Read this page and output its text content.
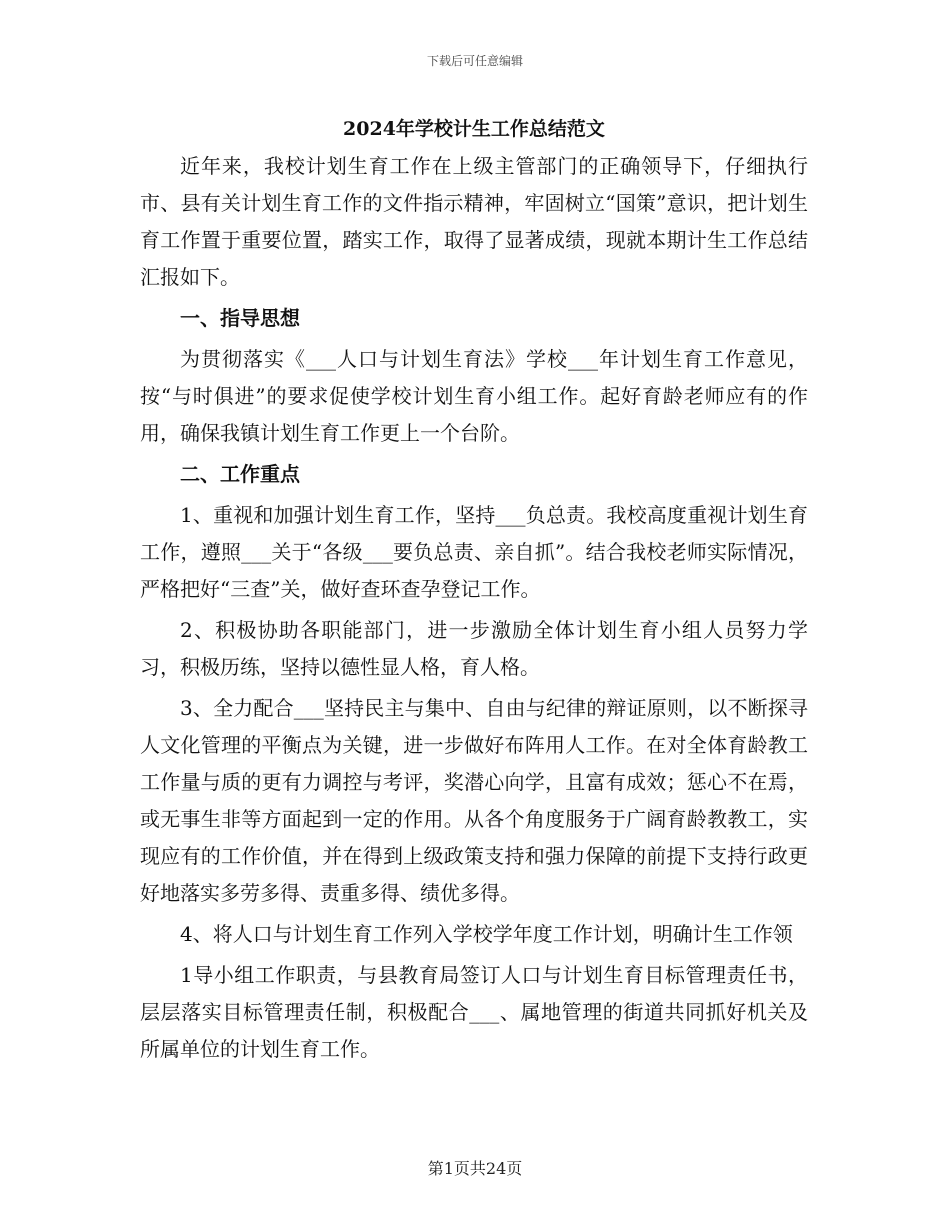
下载后可任意编辑
2024年学校计生工作总结范文

近年来，我校计划生育工作在上级主管部门的正确领导下，仔细执行市、县有关计划生育工作的文件指示精神，牢固树立“国策”意识，把计划生育工作置于重要位置，踏实工作，取得了显著成绩，现就本期计生工作总结汇报如下。

一、指导思想

为贯彻落实《___人口与计划生育法》学校___年计划生育工作意见，按“与时俱进”的要求促使学校计划生育小组工作。起好育龄老师应有的作用，确保我镇计划生育工作更上一个台阶。

二、工作重点

1、重视和加强计划生育工作，坚持___负总责。我校高度重视计划生育工作，遵照___关于“各级___要负总责、亲自抓”。结合我校老师实际情况，严格把好“三查”关，做好查环查孕登记工作。

2、积极协助各职能部门，进一步激励全体计划生育小组人员努力学习，积极历练，坚持以德性显人格，育人格。

3、全力配合___坚持民主与集中、自由与纪律的辩证原则，以不断探寻人文化管理的平衡点为关键，进一步做好布阵用人工作。在对全体育龄教工工作量与质的更有力调控与考评，奖潜心向学，且富有成效；惩心不在焉，或无事生非等方面起到一定的作用。从各个角度服务于广阔育龄教教工，实现应有的工作价值，并在得到上级政策支持和强力保障的前提下支持行政更好地落实多劳多得、责重多得、绩优多得。

4、将人口与计划生育工作列入学校学年度工作计划，明确计生工作领

1导小组工作职责，与县教育局签订人口与计划生育目标管理责任书，层层落实目标管理责任制，积极配合___、属地管理的街道共同抓好机关及所属单位的计划生育工作。

第1页共24页
